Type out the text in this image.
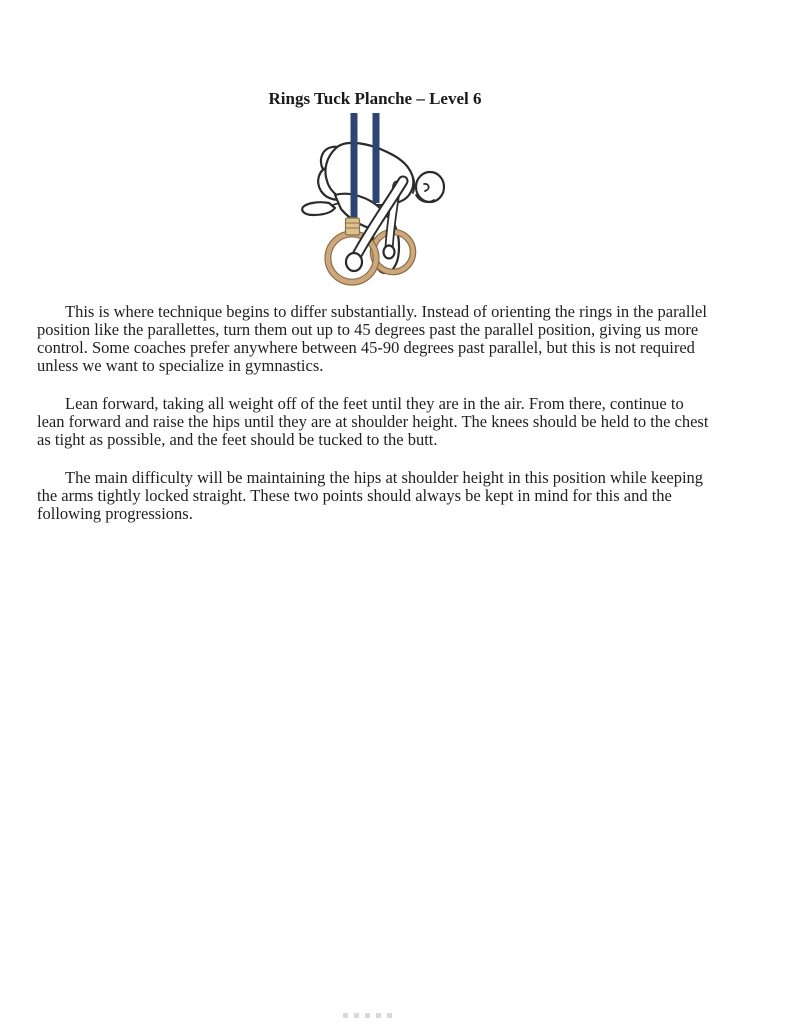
Rings Tuck Planche – Level 6

This is where technique begins to differ substantially. Instead of orienting the rings in the parallel position like the parallettes, turn them out up to 45 degrees past the parallel position, giving us more control. Some coaches prefer anywhere between 45-90 degrees past parallel, but this is not required unless we want to specialize in gymnastics.

Lean forward, taking all weight off of the feet until they are in the air. From there, continue to lean forward and raise the hips until they are at shoulder height. The knees should be held to the chest as tight as possible, and the feet should be tucked to the butt.

The main difficulty will be maintaining the hips at shoulder height in this position while keeping the arms tightly locked straight. These two points should always be kept in mind for this and the following progressions.
